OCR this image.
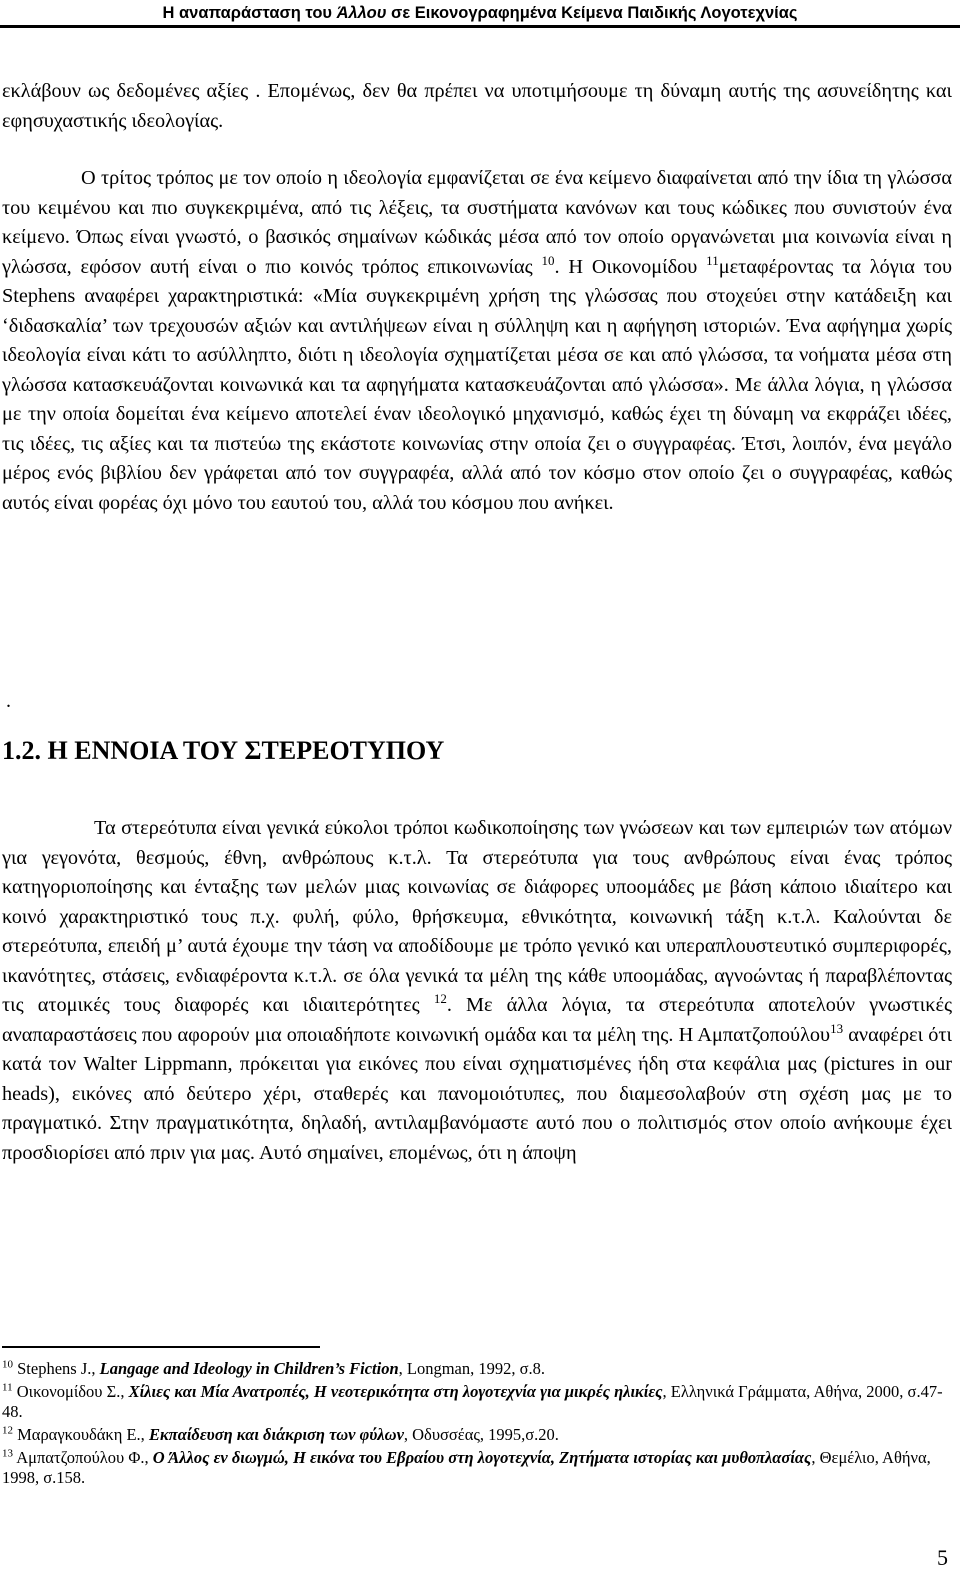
Η αναπαράσταση του Άλλου σε Εικονογραφημένα Κείμενα Παιδικής Λογοτεχνίας

εκλάβουν ως δεδομένες αξίες . Επομένως, δεν θα πρέπει να υποτιμήσουμε τη δύναμη αυτής της ασυνείδητης και εφησυχαστικής ιδεολογίας.

Ο τρίτος τρόπος με τον οποίο η ιδεολογία εμφανίζεται σε ένα κείμενο διαφαίνεται από την ίδια τη γλώσσα του κειμένου και πιο συγκεκριμένα, από τις λέξεις, τα συστήματα κανόνων και τους κώδικες που συνιστούν ένα κείμενο. Όπως είναι γνωστό, ο βασικός σημαίνων κώδικάς μέσα από τον οποίο οργανώνεται μια κοινωνία είναι η γλώσσα, εφόσον αυτή είναι ο πιο κοινός τρόπος επικοινωνίας $^{10}$. Η Οικονομίδου $^{11}$μεταφέροντας τα λόγια του Stephens αναφέρει χαρακτηριστικά: «Μία συγκεκριμένη χρήση της γλώσσας που στοχεύει στην κατάδειξη και ‘διδασκαλία’ των τρεχουσών αξιών και αντιλήψεων είναι η σύλληψη και η αφήγηση ιστοριών. Ένα αφήγημα χωρίς ιδεολογία είναι κάτι το ασύλληπτο, διότι η ιδεολογία σχηματίζεται μέσα σε και από γλώσσα, τα νοήματα μέσα στη γλώσσα κατασκευάζονται κοινωνικά και τα αφηγήματα κατασκευάζονται από γλώσσα». Με άλλα λόγια, η γλώσσα με την οποία δομείται ένα κείμενο αποτελεί έναν ιδεολογικό μηχανισμό, καθώς έχει τη δύναμη να εκφράζει ιδέες, τις ιδέες, τις αξίες και τα πιστεύω της εκάστοτε κοινωνίας στην οποία ζει ο συγγραφέας. Έτσι, λοιπόν, ένα μεγάλο μέρος ενός βιβλίου δεν γράφεται από τον συγγραφέα, αλλά από τον κόσμο στον οποίο ζει ο συγγραφέας, καθώς αυτός είναι φορέας όχι μόνο του εαυτού του, αλλά του κόσμου που ανήκει.

.
1.2. Η ΕΝΝΟΙΑ ΤΟΥ ΣΤΕΡΕΟΤΥΠΟΥ

Τα στερεότυπα είναι γενικά εύκολοι τρόποι κωδικοποίησης των γνώσεων και των εμπειριών των ατόμων για γεγονότα, θεσμούς, έθνη, ανθρώπους κ.τ.λ. Τα στερεότυπα για τους ανθρώπους είναι ένας τρόπος κατηγοριοποίησης και ένταξης των μελών μιας κοινωνίας σε διάφορες υποομάδες με βάση κάποιο ιδιαίτερο και κοινό χαρακτηριστικό τους π.χ. φυλή, φύλο, θρήσκευμα, εθνικότητα, κοινωνική τάξη κ.τ.λ. Καλούνται δε στερεότυπα, επειδή μ’ αυτά έχουμε την τάση να αποδίδουμε με τρόπο γενικό και υπεραπλουστευτικό συμπεριφορές, ικανότητες, στάσεις, ενδιαφέροντα κ.τ.λ. σε όλα γενικά τα μέλη της κάθε υποομάδας, αγνοώντας ή παραβλέποντας τις ατομικές τους διαφορές και ιδιαιτερότητες $^{12}$. Με άλλα λόγια, τα στερεότυπα αποτελούν γνωστικές αναπαραστάσεις που αφορούν μια οποιαδήποτε κοινωνική ομάδα και τα μέλη της. Η Αμπατζοπούλου$^{13}$ αναφέρει ότι κατά τον Walter Lippmann, πρόκειται για εικόνες που είναι σχηματισμένες ήδη στα κεφάλια μας (pictures in our heads), εικόνες από δεύτερο χέρι, σταθερές και πανομοιότυπες, που διαμεσολαβούν στη σχέση μας με το πραγματικό. Στην πραγματικότητα, δηλαδή, αντιλαμβανόμαστε αυτό που ο πολιτισμός στον οποίο ανήκουμε έχει προσδιορίσει από πριν για μας. Αυτό σημαίνει, επομένως, ότι η άποψη

$^{10}$ Stephens J., Langage and Ideology in Children’s Fiction, Longman, 1992, σ.8.

$^{11}$ Οικονομίδου Σ., Χίλιες και Μία Ανατροπές, Η νεοτερικότητα στη λογοτεχνία για μικρές ηλικίες, Ελληνικά Γράμματα, Αθήνα, 2000, σ.47-48.

$^{12}$ Μαραγκουδάκη Ε., Εκπαίδευση και διάκριση των φύλων, Οδυσσέας, 1995,σ.20.

$^{13}$ Αμπατζοπούλου Φ., Ο Άλλος εν διωγμώ, Η εικόνα του Εβραίου στη λογοτεχνία, Ζητήματα ιστορίας και μυθοπλασίας, Θεμέλιο, Αθήνα, 1998, σ.158.

5
